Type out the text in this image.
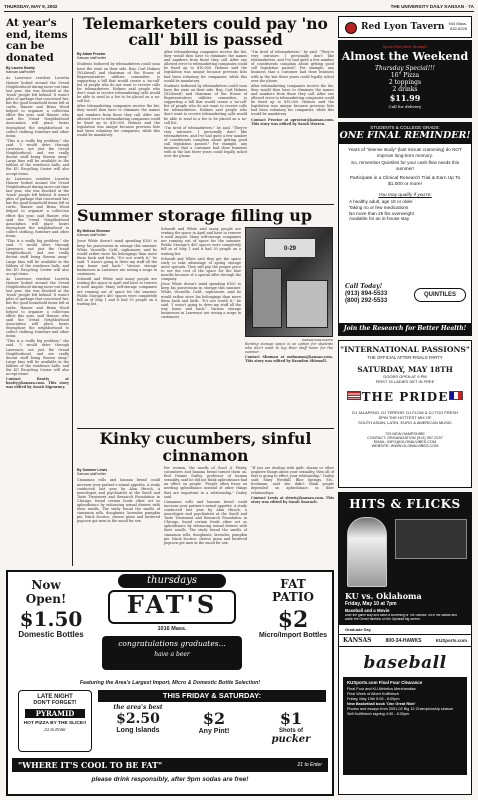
THURSDAY, MAY 9, 2002	THE UNIVERSITY DAILY KANSAN · 7A
At year's end, items can be donated
By Lauren Beatty
Kansan staff writer

As Lawrence resident Lorretta Hauser looked around the Oread Neighborhood during move-out time last year, she was shocked at the 'trash' people left behind. It wasn't piles of garbage that concerned her, but the good household items left at curbs. Hauser and Brian Wood helped to organize a collection effort this year, said Hauser, who said the Oread Neighborhood Association will place boxes throughout the neighborhood to collect clothing, furniture and other items.

"This is a really big problem," she said. "I would drive through Lawrence, not just the Oread Neighborhood, and see really decent stuff being thrown away." Large bins will be available in the lobbies of the residence halls, and the KU Recycling Center will also accept items.

As Lawrence resident Lorretta Hauser looked around the Oread Neighborhood during move-out time last year, she was shocked at the 'trash' people left behind. It wasn't piles of garbage that concerned her, but the good household items left at curbs. Hauser and Brian Wood helped to organize a collection effort this year, said Hauser, who said the Oread Neighborhood Association will place boxes throughout the neighborhood to collect clothing, furniture and other items.

"This is a really big problem," she said. "I would drive through Lawrence, not just the Oread Neighborhood, and see really decent stuff being thrown away." Large bins will be available in the lobbies of the residence halls, and the KU Recycling Center will also accept items.

As Lawrence resident Lorretta Hauser looked around the Oread Neighborhood during move-out time last year, she was shocked at the 'trash' people left behind. It wasn't piles of garbage that concerned her, but the good household items left at curbs. Hauser and Brian Wood helped to organize a collection effort this year, said Hauser, who said the Oread Neighborhood Association will place boxes throughout the neighborhood to collect clothing, furniture and other items.

"This is a really big problem," she said. "I would drive through Lawrence, not just the Oread Neighborhood, and see really decent stuff being thrown away." Large bins will be available in the lobbies of the residence halls, and the KU Recycling Center will also accept items.

Contact Beatty at beatty@kansan.com. This story was edited by Sarah Sigourney.

Telemarketers could pay 'no call' bill is passed
By Adam Proctor
Kansan staff writer

Students bothered by telemarketers could soon have the state on their side. Rep. Carl Holmes (R-Liberal) and chairman of the House of Representatives utilities committee, is supporting a bill that would create a 'no-call' list of people who do not want to receive calls for telemarketers. Holmes said people who don't want to receive telemarketing calls would be able to send in a fee to be placed on a no-call list.

After telemarketing companies receive the list, they would then have to eliminate the names and numbers from those they call. After one allowed error to telemarketing companies could be fined up to $10,000. Holmes said the legislation was unique because previous lists had been voluntary for companies, while this would be mandatory.

After telemarketing companies receive the list, they would then have to eliminate the names and numbers from those they call. After one allowed error to telemarketing companies could be fined up to $10,000. Holmes said the legislation was unique because previous lists had been voluntary for companies, while this would be mandatory.

Students bothered by telemarketers could soon have the state on their side. Rep. Carl Holmes (R-Liberal) and chairman of the House of Representatives utilities committee, is supporting a bill that would create a 'no-call' list of people who do not want to receive calls for telemarketers. Holmes said people who don't want to receive telemarketing calls would be able to send in a fee to be placed on a no-call list.

"I'm tired of telemarketers," he said. "They're very intrusive. I personally don't like telemarketers, and I've had quite a few number of constituents complain about getting good call legislation passed." For example, any business that a customer had done business with in the last three years could legally solicit over the phone.

"I'm tired of telemarketers," he said. "They're very intrusive. I personally don't like telemarketers, and I've had quite a few number of constituents complain about getting good call legislation passed." For example, any business that a customer had done business with in the last three years could legally solicit over the phone.

After telemarketing companies receive the list, they would then have to eliminate the names and numbers from those they call. After one allowed error to telemarketing companies could be fined up to $10,000. Holmes said the legislation was unique because previous lists had been voluntary for companies, while this would be mandatory.

Contact Proctor at aproctor@kansan.com. This story was edited by Sarah Warren.

Summer storage filling up
By Melissa Shuman
Kansan staff writer

Jesse White doesn't mind spending $100 to keep his possessions in storage this summer. White, Vacaville, Calif., sophomore, said he would rather store his belongings than move them back and forth. "It's not worth it," he said. "I wasn't going to drive my stuff all the way home and back." Various storage businesses in Lawrence are seeing a surge in customers.

Schmidt and White said many people are renting the space in April and have to reserve it until August. Many self-storage companies are running out of space for the summer. Public Storage's 400 spaces were completely full as of May 1 and it had 30 people on a waiting list.

Schmidt and White said many people are renting the space in April and have to reserve it until August. Many self-storage companies are running out of space for the summer. Public Storage's 400 spaces were completely full as of May 1 and it had 30 people on a waiting list.

Schmidt and White said they get the space early to take advantage of spring storage move specials. They will pay the proper price to see the cost of the space for the four months because of a special offer through the company.

Jesse White doesn't mind spending $100 to keep his possessions in storage this summer. White, Vacaville, Calif., sophomore, said he would rather store his belongings than move them back and forth. "It's not worth it," he said. "I wasn't going to drive my stuff all the way home and back." Various storage businesses in Lawrence are seeing a surge in customers.

0-29
KANSAN FILE PHOTO

Renting storage space is an option for students who don't want to lug their stuff home for the summer.

Contact Shuman at mshuman@kansan.com. This story was edited by Brandon Shirmell.

Kinky cucumbers, sinful cinnamon
By Summer Lewis
Kansan staff writer

Cinnamon rolls and banana bread could increase your partner's sexual appetite. A study conducted last year by Alan Hirsch, a neurologist and psychiatrist at the Smell and Taste Treatment and Research Foundation in Chicago, found certain foods other act as aphrodisiacs by enhancing sexual desires with their smells. The study found the smells of cinnamon rolls, doughnuts, lavender, pumpkin pie, black licorice, cheese pizza and buttered popcorn got men in the mood for sex.

For women, the smells of Good & Plenty, cucumbers and banana bread turned them on. Rod Dennis Dailey, professor of human sexuality, said he did not think aphrodisiacs had an effect on people. "People often focus on needing aphrodisiacs instead of other things that are important in a relationship," Dailey said.

Cinnamon rolls and banana bread could increase your partner's sexual appetite. A study conducted last year by Alan Hirsch, a neurologist and psychiatrist at the Smell and Taste Treatment and Research Foundation in Chicago, found certain foods other act as aphrodisiacs by enhancing sexual desires with their smells. The study found the smells of cinnamon rolls, doughnuts, lavender, pumpkin pie, black licorice, cheese pizza and buttered popcorn got men in the mood for sex.

"If you are dealing with guilt, shame or other negative things about your sexuality, then all of that is going to effect your relationship," Dailey said. Mary Westfall, Blue Springs, Mo., freshman, said she didn't think people depended on aphrodisiacs in their relationships.

Contact Lewis at slewis@kansan.com. This story was edited by Sarah Snavach.

Red Lyon Tavern 944 Mass.
832-8228
Spurs Red Wine Sunset?
Almost the Weekend
Thursday Special!!!
16" Pizza
2 toppings
2 drinks
$11.99
Call for delivery
STUDENTS & COLLEGE GRADS:
ONE FINAL REMINDER!
Years of "intense study" (last minute cramming) do NOT improve long-term memory.
So, remember Quintiles for your cash-flow needs this summer!
Participate in a Clinical Research Trial & Earn Up To $1,000 or more!
You may qualify if you're:
A healthy adult, age 18 or older
Taking no or few medications
No more than 25 lbs overweight
Available for an in-house stay
Call Today!
(913) 894-5533
(800) 292-5533
QUINTILES
Join the Research for Better Health!
"INTERNATIONAL PASSIONS"
THE OFFICIAL AFTER-FINALS PARTY
SATURDAY, MAY 18TH
DOORS OPEN AT 9 PM
FIRST 15 LADIES GET IN FREE
THE PRIDE
DJ JALAPENO, DJ TERROR, DJ FLOW & DJ TOO FRESH
SPIN THE HOTTEST MIX OF
SOUTH ASIAN, LATIN, EURO & AMERICAN MUSIC
729 NEW HAMPSHIRE
CONTACT: ORGANIZATION (913) 397-2237
EMAIL: INFO@GLOBALVIBES.COM
WEBSITE: WWW.GLOBALVIBES.COM
HITS & FLICKS
KU vs. Oklahoma
Friday, May 10 at 7pm
Baseball and a Movie
After the game stay and catch a screening of The Sandlot. Sit in the stands and watch the Great Hambino on the Jayhawk big screen.
Graduate Day
KANSAS	800-34-HAWKS	KUSports.com
baseball
KUSports.com Final Four Clearance
Final Four and KU Athletics Merchandise
Final Week of Albert Kollfleisch
Friday, May 10th 5:05 - 8:00pm
New Basketball book 'One Great Ride'
Photos and essays from 2001-02 Big 12 Championship season
Self Kollfleisch signing 4:30 - 8:30pm
thursdays
Now
Open!	FAT'S
1016 Mass.
FAT PATIO
$1.50
Domestic Bottles
congratulations graduates...
have a beer
$2
Micro/Import Bottles
Featuring the Area's Largest Import, Micro & Domestic Bottle Selection!
LATE NIGHT
DON'T FORGET!
PYRAMID
HOT PIZZA BY THE SLICE!!
21 to Enter
THIS FRIDAY & SATURDAY:
the area's best
$2.50
Long Islands
$2
Any Pint!
$1
Shots of
pucker
"WHERE IT'S COOL TO BE FAT"	21 to Enter
please drink responsibly, after 9pm sodas are free!
